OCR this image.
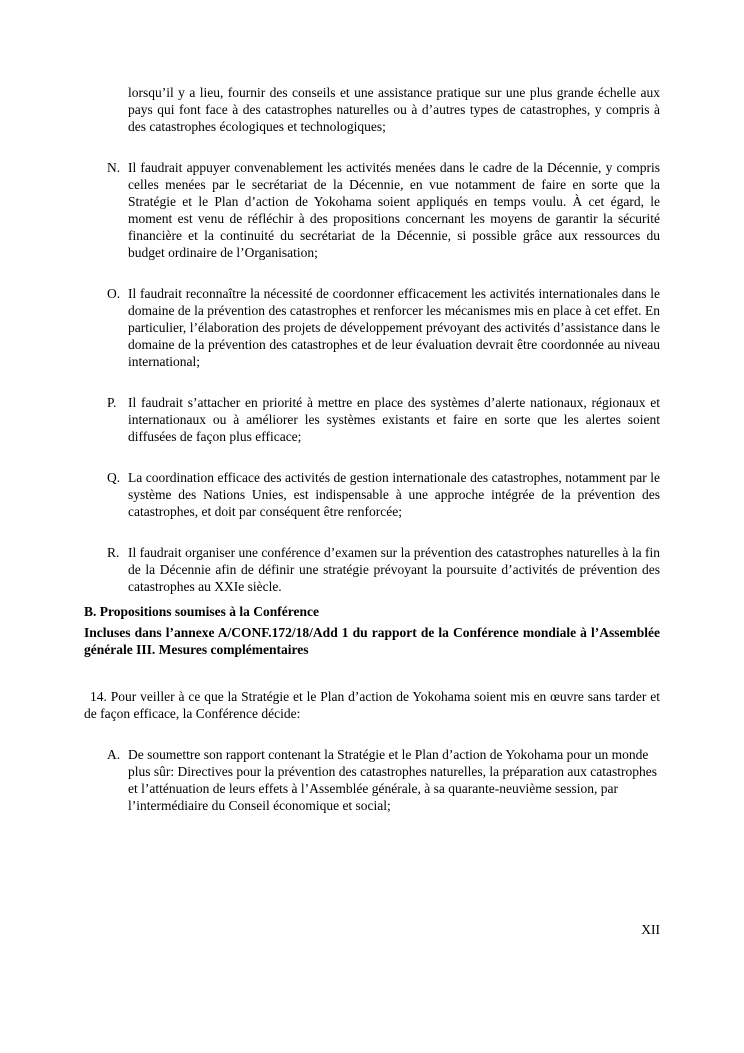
lorsqu’il y a lieu, fournir des conseils et une assistance pratique sur une plus grande échelle aux pays qui font face à des catastrophes naturelles ou à d’autres types de catastrophes, y compris à des catastrophes écologiques et technologiques;

N. Il faudrait appuyer convenablement les activités menées dans le cadre de la Décennie, y compris celles menées par le secrétariat de la Décennie, en vue notamment de faire en sorte que la Stratégie et le Plan d’action de Yokohama soient appliqués en temps voulu. À cet égard, le moment est venu de réfléchir à des propositions concernant les moyens de garantir la sécurité financière et la continuité du secrétariat de la Décennie, si possible grâce aux ressources du budget ordinaire de l’Organisation;
O. Il faudrait reconnaître la nécessité de coordonner efficacement les activités internationales dans le domaine de la prévention des catastrophes et renforcer les mécanismes mis en place à cet effet. En particulier, l’élaboration des projets de développement prévoyant des activités d’assistance dans le domaine de la prévention des catastrophes et de leur évaluation devrait être coordonnée au niveau international;
P. Il faudrait s’attacher en priorité à mettre en place des systèmes d’alerte nationaux, régionaux et internationaux ou à améliorer les systèmes existants et faire en sorte que les alertes soient diffusées de façon plus efficace;
Q. La coordination efficace des activités de gestion internationale des catastrophes, notamment par le système des Nations Unies, est indispensable à une approche intégrée de la prévention des catastrophes, et doit par conséquent être renforcée;
R. Il faudrait organiser une conférence d’examen sur la prévention des catastrophes naturelles à la fin de la Décennie afin de définir une stratégie prévoyant la poursuite d’activités de prévention des catastrophes au XXIe siècle.

B. Propositions soumises à la Conférence

Incluses dans l’annexe A/CONF.172/18/Add 1 du rapport de la Conférence mondiale à l’Assemblée générale III. Mesures complémentaires

14. Pour veiller à ce que la Stratégie et le Plan d’action de Yokohama soient mis en œuvre sans tarder et de façon efficace, la Conférence décide:

A. De soumettre son rapport contenant la Stratégie et le Plan d’action de Yokohama pour un monde plus sûr: Directives pour la prévention des catastrophes naturelles, la préparation aux catastrophes et l’atténuation de leurs effets à l’Assemblée générale, à sa quarante-neuvième session, par l’intermédiaire du Conseil économique et social;
XII
